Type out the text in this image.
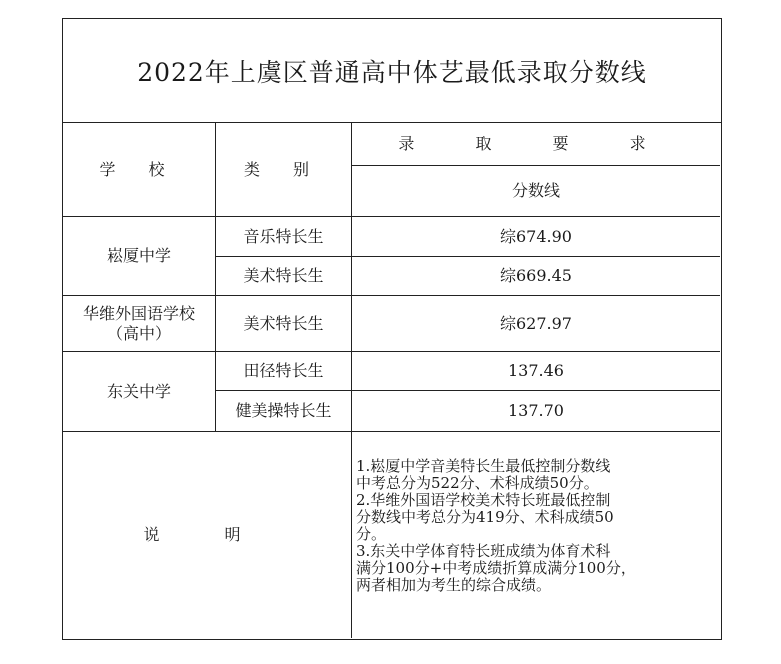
2022年上虞区普通高中体艺最低录取分数线
学 校	类 别
录 取 要 求
分数线
崧厦中学
音乐特长生	综674.90
美术特长生	综669.45
华维外国语学校
（高中）
美术特长生	综627.97
东关中学
田径特长生	137.46
健美操特长生	137.70
说 明
1.崧厦中学音美特长生最低控制分数线
中考总分为522分、术科成绩50分。
2.华维外国语学校美术特长班最低控制
分数线中考总分为419分、术科成绩50
分。
3.东关中学体育特长班成绩为体育术科
满分100分+中考成绩折算成满分100分，
两者相加为考生的综合成绩。
